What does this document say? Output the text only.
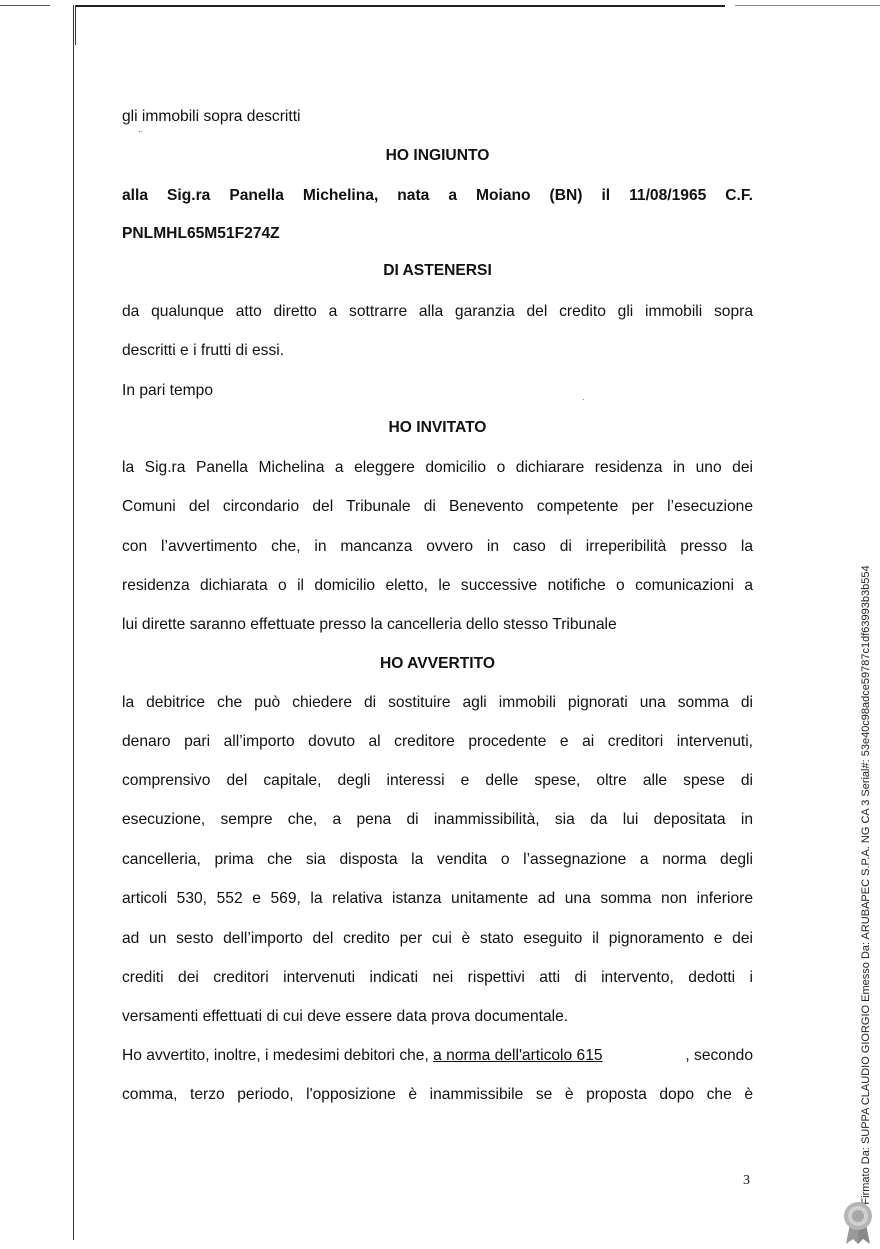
..
.
gli immobili sopra descritti
HO INGIUNTO
alla Sig.ra Panella Michelina, nata a Moiano (BN) il 11/08/1965 C.F.
PNLMHL65M51F274Z
DI ASTENERSI
da qualunque atto diretto a sottrarre alla garanzia del credito gli immobili sopra
descritti e i frutti di essi.
In pari tempo
HO INVITATO
la Sig.ra Panella Michelina a eleggere domicilio o dichiarare residenza in uno dei
Comuni del circondario del Tribunale di Benevento competente per l’esecuzione
con l’avvertimento che, in mancanza ovvero in caso di irreperibilità presso la
residenza dichiarata o il domicilio eletto, le successive notifiche o comunicazioni a
lui dirette saranno effettuate presso la cancelleria dello stesso Tribunale
HO AVVERTITO
la debitrice che può chiedere di sostituire agli immobili pignorati una somma di
denaro pari all’importo dovuto al creditore procedente e ai creditori intervenuti,
comprensivo del capitale, degli interessi e delle spese, oltre alle spese di
esecuzione, sempre che, a pena di inammissibilità, sia da lui depositata in
cancelleria, prima che sia disposta la vendita o l’assegnazione a norma degli
articoli 530, 552 e 569, la relativa istanza unitamente ad una somma non inferiore
ad un sesto dell’importo del credito per cui è stato eseguito il pignoramento e dei
crediti dei creditori intervenuti indicati nei rispettivi atti di intervento, dedotti i
versamenti effettuati di cui deve essere data prova documentale.
Ho avvertito, inoltre, i medesimi debitori che, a norma dell'articolo 615	, secondo
comma, terzo periodo, l'opposizione è inammissibile se è proposta dopo che è
3	Firmato Da: SUPPA CLAUDIO GIORGIO Emesso Da: ARUBAPEC S.P.A. NG CA 3 Serial#: 53e40c98adce59787c1df63993b3b554
